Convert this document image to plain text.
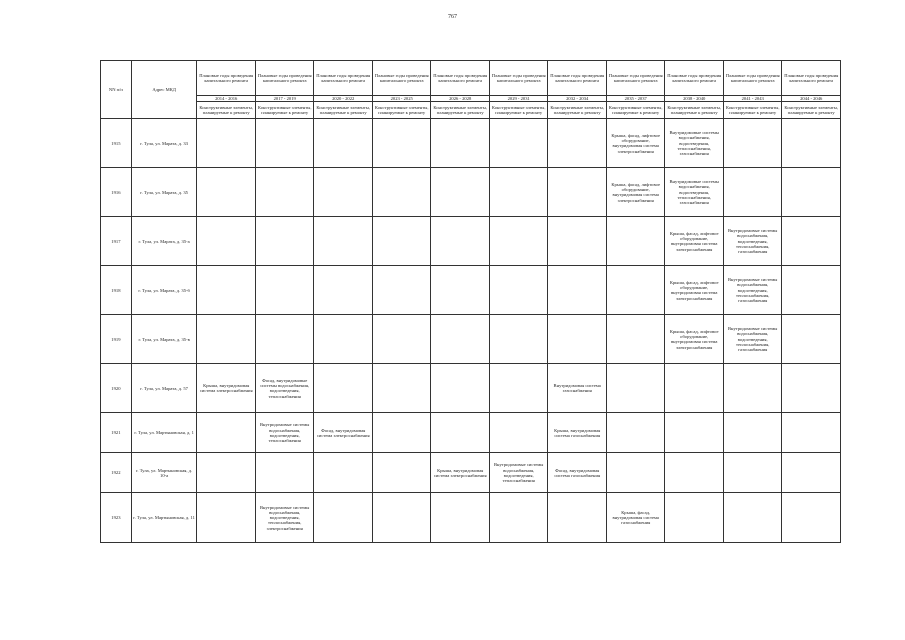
767
NN п/п	Адрес МКД	Плановые годы проведения капитального ремонта	Плановые годы проведения капитального ремонта	Плановые годы проведения капитального ремонта	Плановые годы проведения капитального ремонта	Плановые годы проведения капитального ремонта	Плановые годы проведения капитального ремонта	Плановые годы проведения капитального ремонта	Плановые годы проведения капитального ремонта	Плановые годы проведения капитального ремонта	Плановые годы проведения капитального ремонта	Плановые годы проведения капитального ремонта
		2014 - 2016	2017 - 2019	2020 - 2022	2023 - 2025	2026 - 2028	2029 - 2031	2032 - 2034	2035 - 2037	2038 - 2040	2041 - 2043	2044 - 2046
		Конструктивные элементы, планируемые к ремонту	Конструктивные элементы, планируемые к ремонту	Конструктивные элементы, планируемые к ремонту	Конструктивные элементы, планируемые к ремонту	Конструктивные элементы, планируемые к ремонту	Конструктивные элементы, планируемые к ремонту	Конструктивные элементы, планируемые к ремонту	Конструктивные элементы, планируемые к ремонту	Конструктивные элементы, планируемые к ремонту	Конструктивные элементы, планируемые к ремонту	Конструктивные элементы, планируемые к ремонту
1915	г. Тула, ул. Марата, д. 33								Крыша, фасад, лифтовое оборудование, внутридомовая система электроснабжения	Внутридомовые системы водоснабжения, водоотведения, теплоснабжения, газоснабжения		
1916	г. Тула, ул. Марата, д. 35								Крыша, фасад, лифтовое оборудование, внутридомовая система электроснабжения	Внутридомовые системы водоснабжения, водоотведения, теплоснабжения, газоснабжения		
1917	г. Тула, ул. Марата, д. 35-а									Крыша, фасад, лифтовое оборудование, внутридомовая система электроснабжения	Внутридомовые системы водоснабжения, водоотведения, теплоснабжения, газоснабжения	
1918	г. Тула, ул. Марата, д. 35-б									Крыша, фасад, лифтовое оборудование, внутридомовая система электроснабжения	Внутридомовые системы водоснабжения, водоотведения, теплоснабжения, газоснабжения	
1919	г. Тула, ул. Марата, д. 35-в									Крыша, фасад, лифтовое оборудование, внутридомовая система электроснабжения	Внутридомовые системы водоснабжения, водоотведения, теплоснабжения, газоснабжения	
1920	г. Тула, ул. Марата, д. 57	Крыша, внутридомовая система электроснабжения	Фасад, внутридомовые системы водоснабжения, водоотведения, теплоснабжения					Внутридомовая система газоснабжения				
1921	г. Тула, ул. Мартыновская, д. 1		Внутридомовые системы водоснабжения, водоотведения, теплоснабжения	Фасад, внутридомовая система электроснабжения				Крыша, внутридомовая система газоснабжения				
1922	г. Тула, ул. Мартыновская, д. 10-а					Крыша, внутридомовая система электроснабжения	Внутридомовые системы водоснабжения, водоотведения, теплоснабжения	Фасад, внутридомовая система газоснабжения				
1923	г. Тула, ул. Мартыновская, д. 11		Внутридомовые системы водоснабжения, водоотведения, теплоснабжения, электроснабжения						Крыша, фасад, внутридомовая система газоснабжения			
